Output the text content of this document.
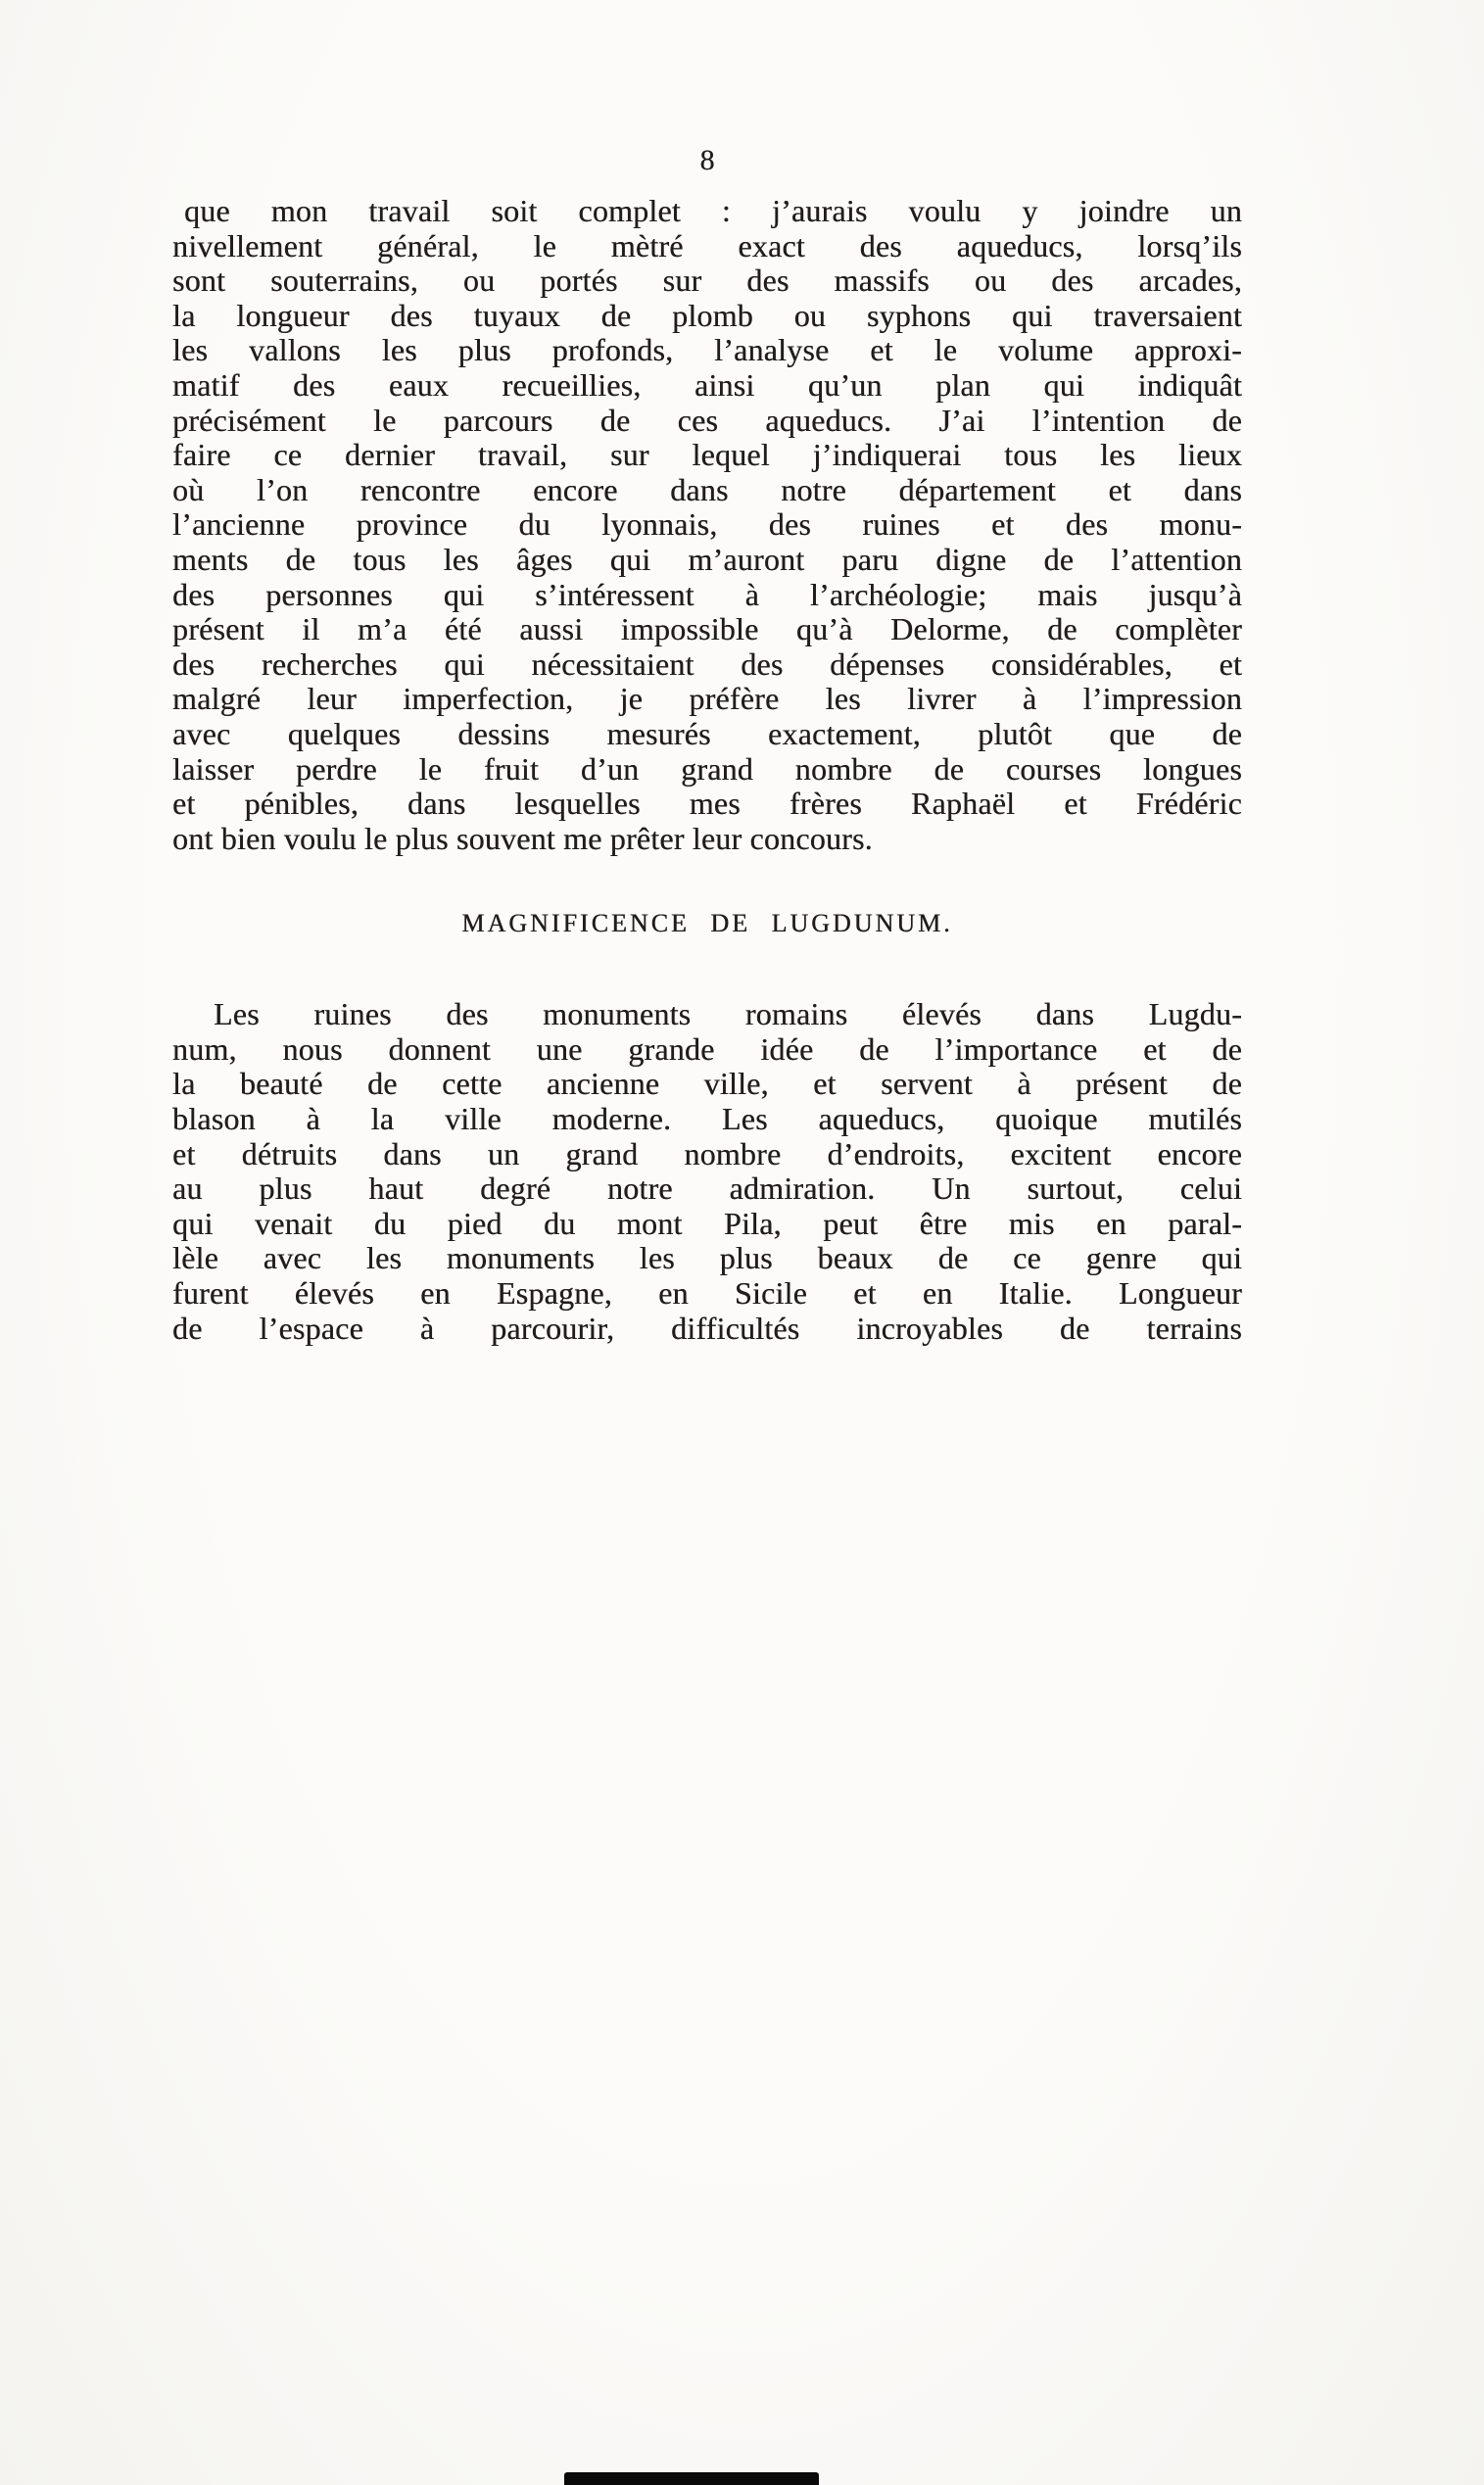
8
que mon travail soit complet : j’aurais voulu y joindre un
nivellement général, le mètré exact des aqueducs, lorsq’ils
sont souterrains, ou portés sur des massifs ou des arcades,
la longueur des tuyaux de plomb ou syphons qui traversaient
les vallons les plus profonds, l’analyse et le volume approxi-
matif des eaux recueillies, ainsi qu’un plan qui indiquât
précisément le parcours de ces aqueducs. J’ai l’intention de
faire ce dernier travail, sur lequel j’indiquerai tous les lieux
où l’on rencontre encore dans notre département et dans
l’ancienne province du lyonnais, des ruines et des monu-
ments de tous les âges qui m’auront paru digne de l’attention
des personnes qui s’intéressent à l’archéologie; mais jusqu’à
présent il m’a été aussi impossible qu’à Delorme, de complèter
des recherches qui nécessitaient des dépenses considérables, et
malgré leur imperfection, je préfère les livrer à l’impression
avec quelques dessins mesurés exactement, plutôt que de
laisser perdre le fruit d’un grand nombre de courses longues
et pénibles, dans lesquelles mes frères Raphaël et Frédéric
ont bien voulu le plus souvent me prêter leur concours.
MAGNIFICENCE DE LUGDUNUM.
Les ruines des monuments romains élevés dans Lugdu-
num, nous donnent une grande idée de l’importance et de
la beauté de cette ancienne ville, et servent à présent de
blason à la ville moderne. Les aqueducs, quoique mutilés
et détruits dans un grand nombre d’endroits, excitent encore
au plus haut degré notre admiration. Un surtout, celui
qui venait du pied du mont Pila, peut être mis en paral-
lèle avec les monuments les plus beaux de ce genre qui
furent élevés en Espagne, en Sicile et en Italie. Longueur
de l’espace à parcourir, difficultés incroyables de terrains
